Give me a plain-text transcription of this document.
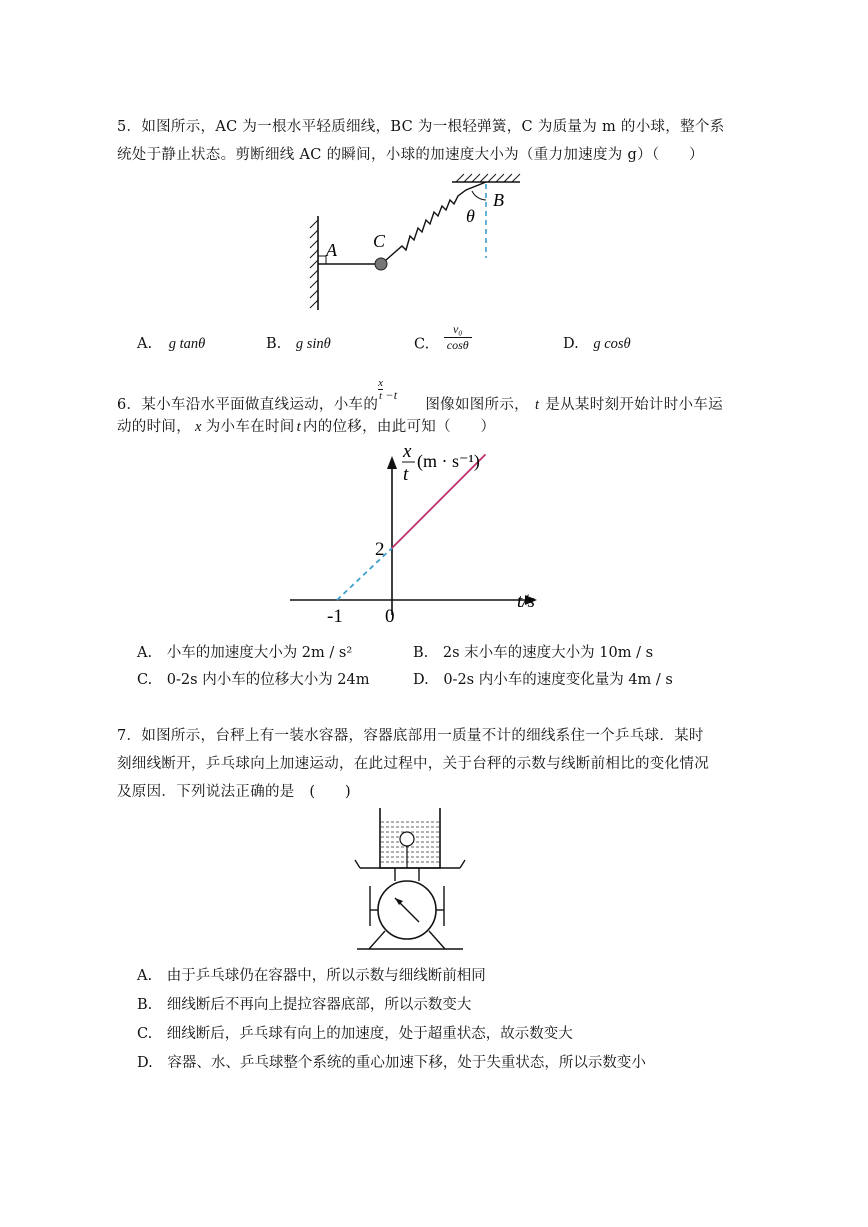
5．如图所示，AC 为一根水平轻质细线，BC 为一根轻弹簧，C 为质量为 m 的小球，整个系
统处于静止状态。剪断细线 AC 的瞬间，小球的加速度大小为（重力加速度为 g）（　　）
A C
B
θ
A. g tanθ	B. g sinθ	C. $\frac{\text{v₀}}{\cos\theta}$	D. g cosθ
6．某小车沿水平面做直线运动，小车的
$\frac{x}{t} ^{-t}$图像如图所示， t 是从某时刻开始计时小车运
动的时间， x 为小车在时间 t 内的位移，由此可知（　　）
x
t
(m · s⁻¹)
t/s
2
0
-1
A. 小车的加速度大小为 2m / s²	B. 2s 末小车的速度大小为 10m / s
C. 0-2s 内小车的位移大小为 24m	D. 0-2s 内小车的速度变化量为 4m / s
7．如图所示，台秤上有一装水容器，容器底部用一质量不计的细线系住一个乒乓球．某时
刻细线断开，乒乓球向上加速运动，在此过程中，关于台秤的示数与线断前相比的变化情况
及原因．下列说法正确的是　(　　)
A. 由于乒乓球仍在容器中，所以示数与细线断前相同
B. 细线断后不再向上提拉容器底部，所以示数变大
C. 细线断后，乒乓球有向上的加速度，处于超重状态，故示数变大
D. 容器、水、乒乓球整个系统的重心加速下移，处于失重状态，所以示数变小
